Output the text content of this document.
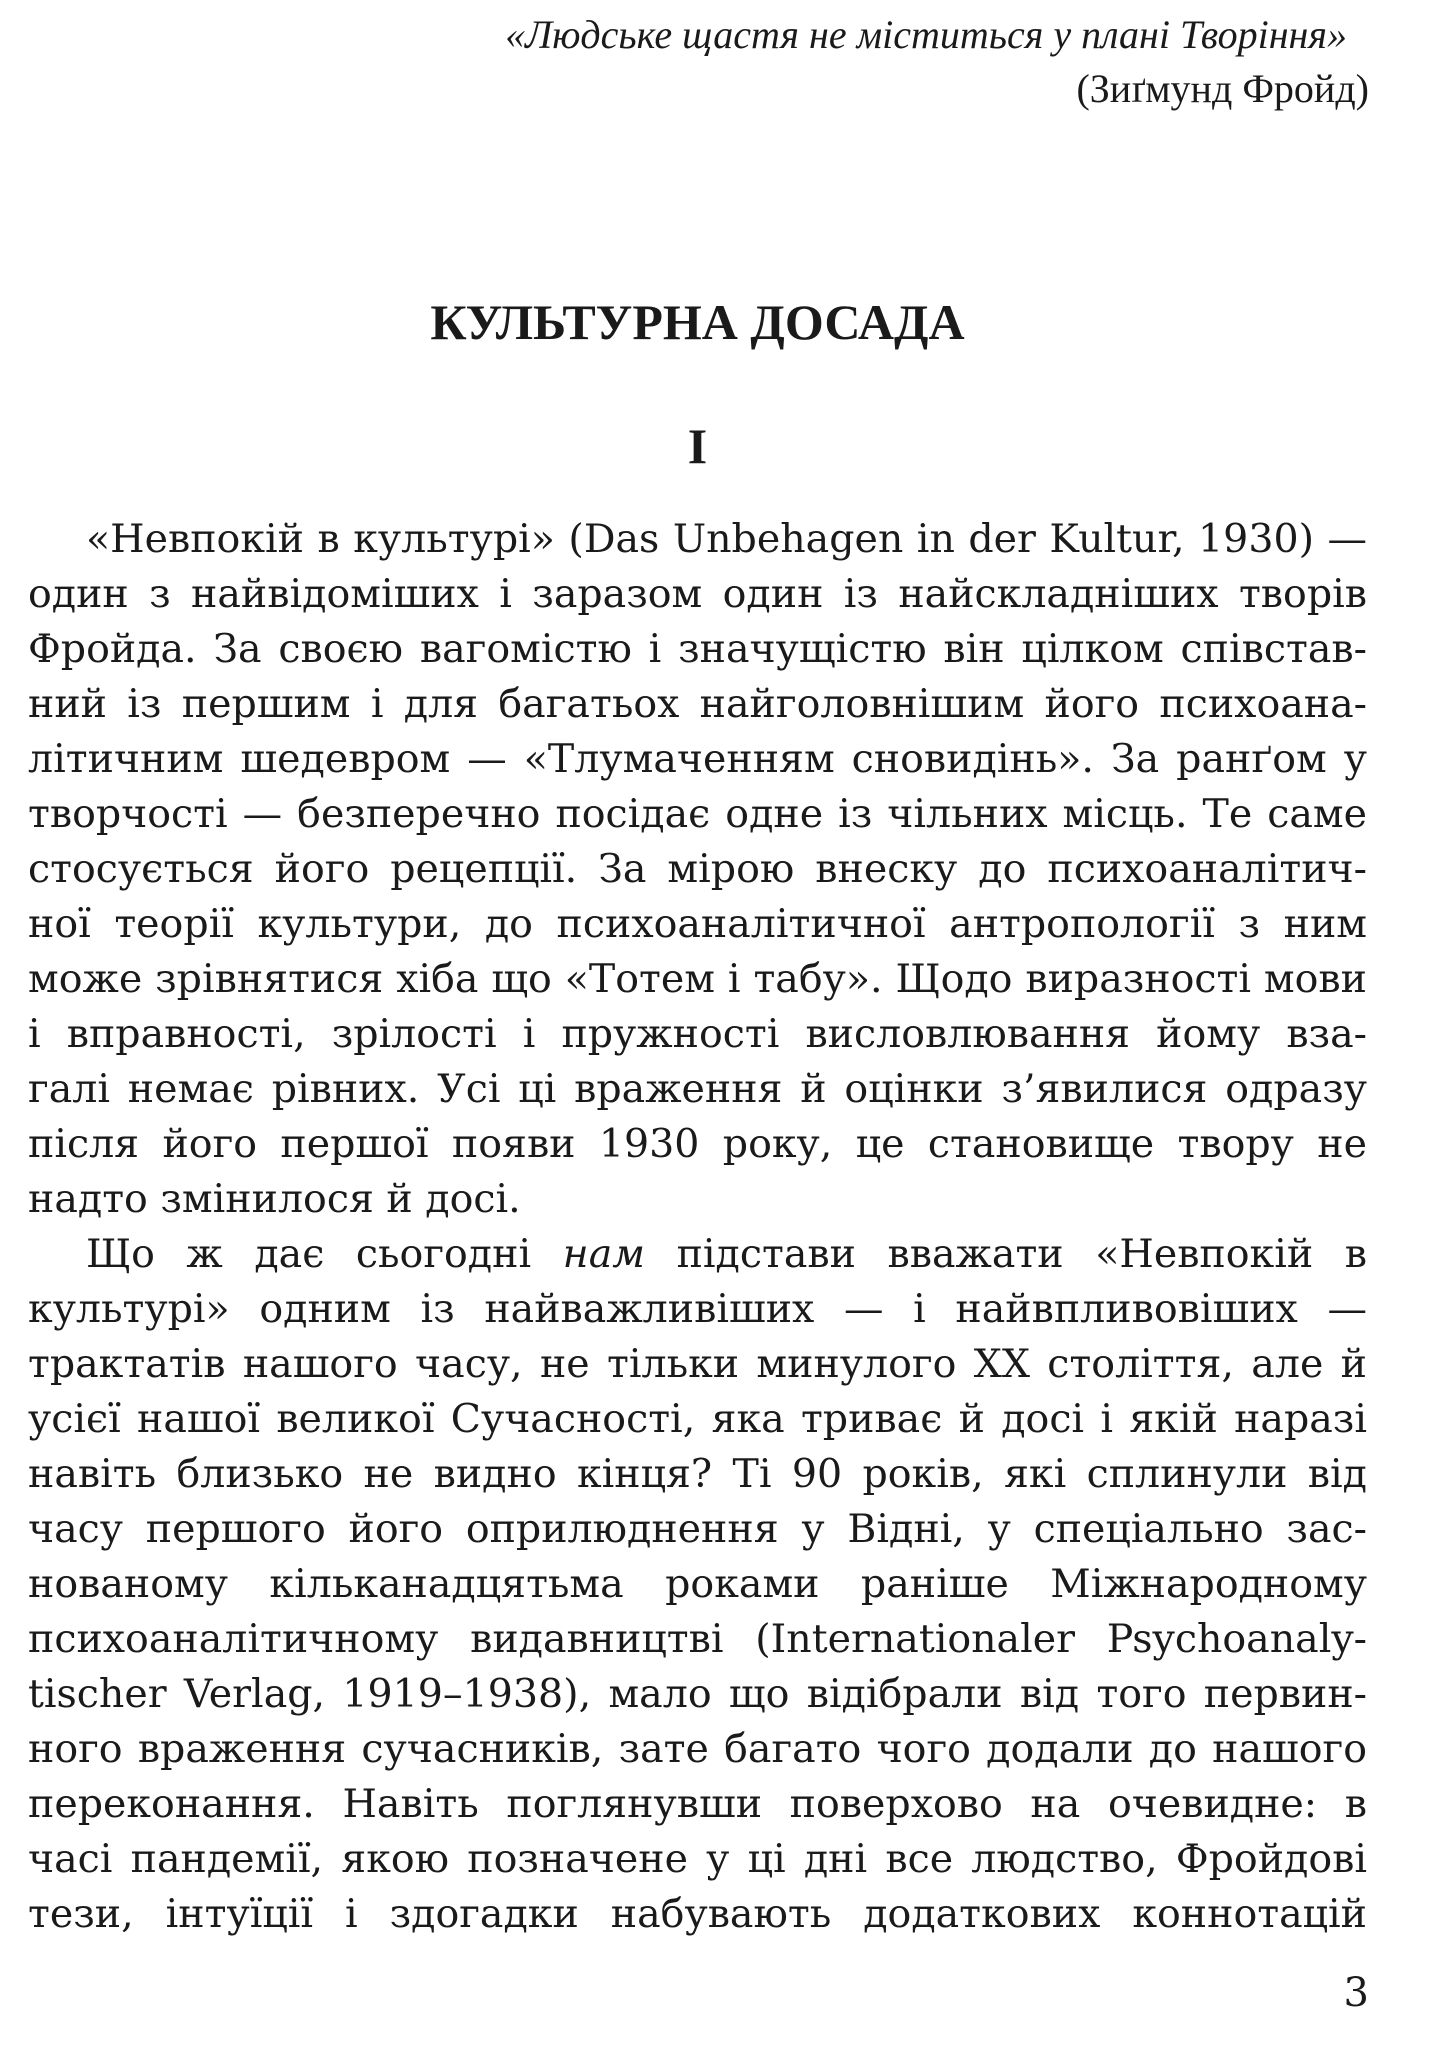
«Людське щастя не міститься у плані Творіння»
(Зиґмунд Фройд)
КУЛЬТУРНА ДОСАДА
I
«Невпокій в культурі» (Das Unbehagen in der Kultur, 1930) —
один з найвідоміших і заразом один із найскладніших творів
Фройда. За своєю вагомістю і значущістю він цілком співстав-
ний із першим і для багатьох найголовнішим його психоана-
літичним шедевром — «Тлумаченням сновидінь». За ранґом у
творчості — безперечно посідає одне із чільних місць. Те саме
стосується його рецепції. За мірою внеску до психоаналітич-
ної теорії культури, до психоаналітичної антропології з ним
може зрівнятися хіба що «Тотем і табу». Щодо виразності мови
і вправності, зрілості і пружності висловлювання йому вза-
галі немає рівних. Усі ці враження й оцінки з’явилися одразу
після його першої появи 1930 року, це становище твору не
надто змінилося й досі.
Що ж дає сьогодні нам підстави вважати «Невпокій в
культурі» одним із найважливіших — і найвпливовіших —
трактатів нашого часу, не тільки минулого ХХ століття, але й
усієї нашої великої Сучасності, яка триває й досі і якій наразі
навіть близько не видно кінця? Ті 90 років, які сплинули від
часу першого його оприлюднення у Відні, у спеціально зас-
нованому кільканадцятьма роками раніше Міжнародному
психоаналітичному видавництві (Internationaler Psychoanaly-
tischer Verlag, 1919–1938), мало що відібрали від того первин-
ного враження сучасників, зате багато чого додали до нашого
переконання. Навіть поглянувши поверхово на очевидне: в
часі пандемії, якою позначене у ці дні все людство, Фройдові
тези, інтуїції і здогадки набувають додаткових коннотацій
3
